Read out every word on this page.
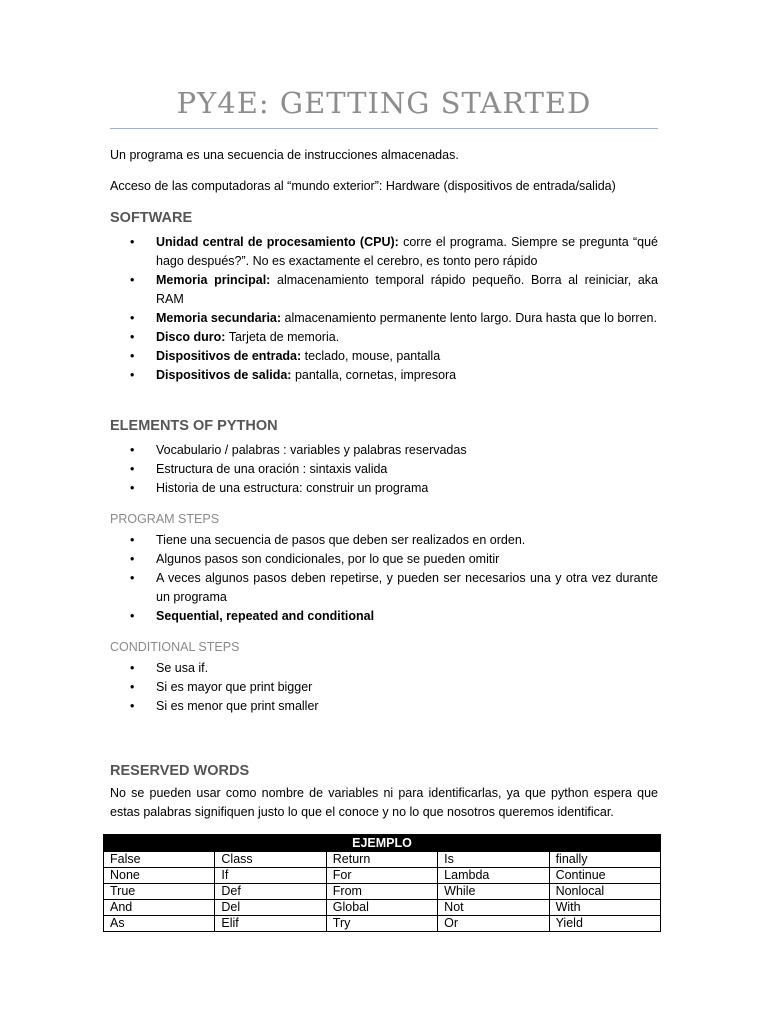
PY4E: GETTING STARTED

Un programa es una secuencia de instrucciones almacenadas.

Acceso de las computadoras al “mundo exterior”: Hardware (dispositivos de entrada/salida)

SOFTWARE
• Unidad central de procesamiento (CPU): corre el programa. Siempre se pregunta “qué hago después?”. No es exactamente el cerebro, es tonto pero rápido
• Memoria principal: almacenamiento temporal rápido pequeño. Borra al reiniciar, aka RAM
• Memoria secundaria: almacenamiento permanente lento largo. Dura hasta que lo borren.
• Disco duro: Tarjeta de memoria.
• Dispositivos de entrada: teclado, mouse, pantalla
• Dispositivos de salida: pantalla, cornetas, impresora
ELEMENTS OF PYTHON
• Vocabulario / palabras : variables y palabras reservadas
• Estructura de una oración : sintaxis valida
• Historia de una estructura: construir un programa
PROGRAM STEPS
• Tiene una secuencia de pasos que deben ser realizados en orden.
• Algunos pasos son condicionales, por lo que se pueden omitir
• A veces algunos pasos deben repetirse, y pueden ser necesarios una y otra vez durante un programa
• Sequential, repeated and conditional
CONDITIONAL STEPS
• Se usa if.
• Si es mayor que print bigger
• Si es menor que print smaller
RESERVED WORDS

No se pueden usar como nombre de variables ni para identificarlas, ya que python espera que estas palabras signifiquen justo lo que el conoce y no lo que nosotros queremos identificar.

EJEMPLO				
False	Class	Return	Is	finally
None	If	For	Lambda	Continue
True	Def	From	While	Nonlocal
And	Del	Global	Not	With
As	Elif	Try	Or	Yield
